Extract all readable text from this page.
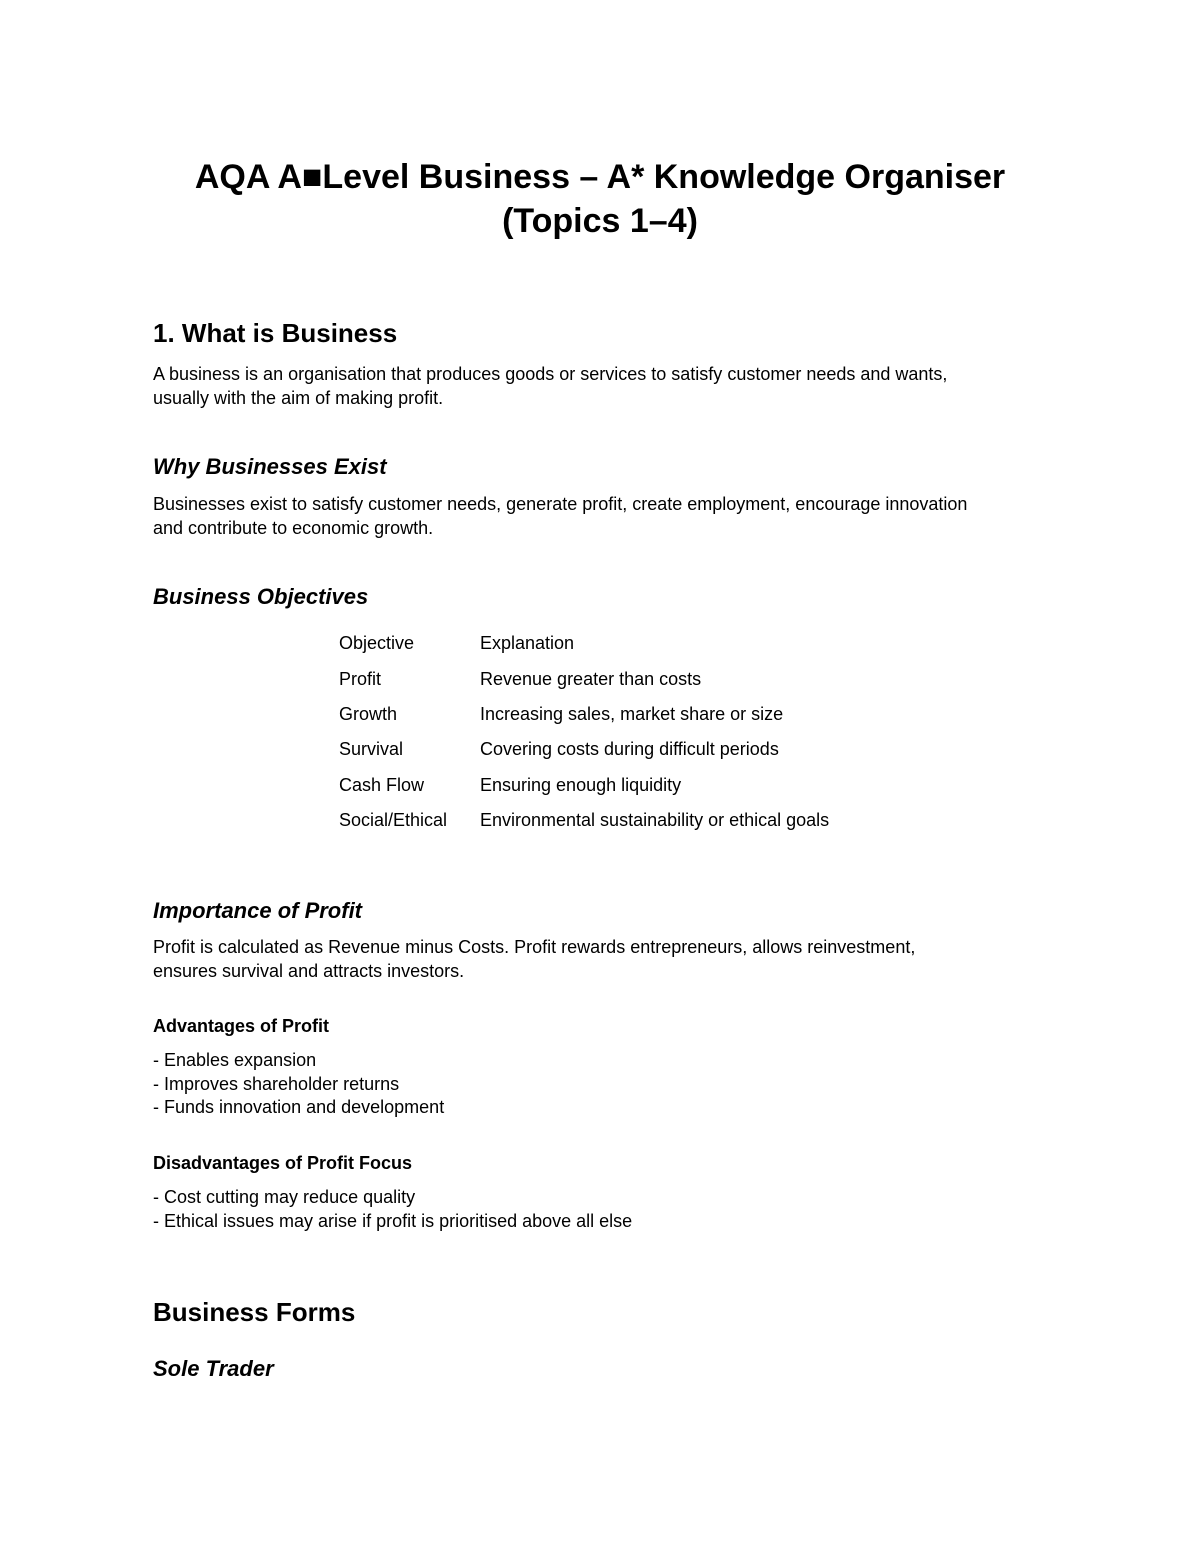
AQA A■Level Business – A* Knowledge Organiser
(Topics 1–4)
1. What is Business

A business is an organisation that produces goods or services to satisfy customer needs and wants,

usually with the aim of making profit.

Why Businesses Exist

Businesses exist to satisfy customer needs, generate profit, create employment, encourage innovation

and contribute to economic growth.

Business Objectives
Objective	Explanation
Profit	Revenue greater than costs
Growth	Increasing sales, market share or size
Survival	Covering costs during difficult periods
Cash Flow	Ensuring enough liquidity
Social/Ethical	Environmental sustainability or ethical goals
Importance of Profit

Profit is calculated as Revenue minus Costs. Profit rewards entrepreneurs, allows reinvestment,

ensures survival and attracts investors.

Advantages of Profit
- Enables expansion
- Improves shareholder returns
- Funds innovation and development
Disadvantages of Profit Focus
- Cost cutting may reduce quality
- Ethical issues may arise if profit is prioritised above all else
Business Forms
Sole Trader
